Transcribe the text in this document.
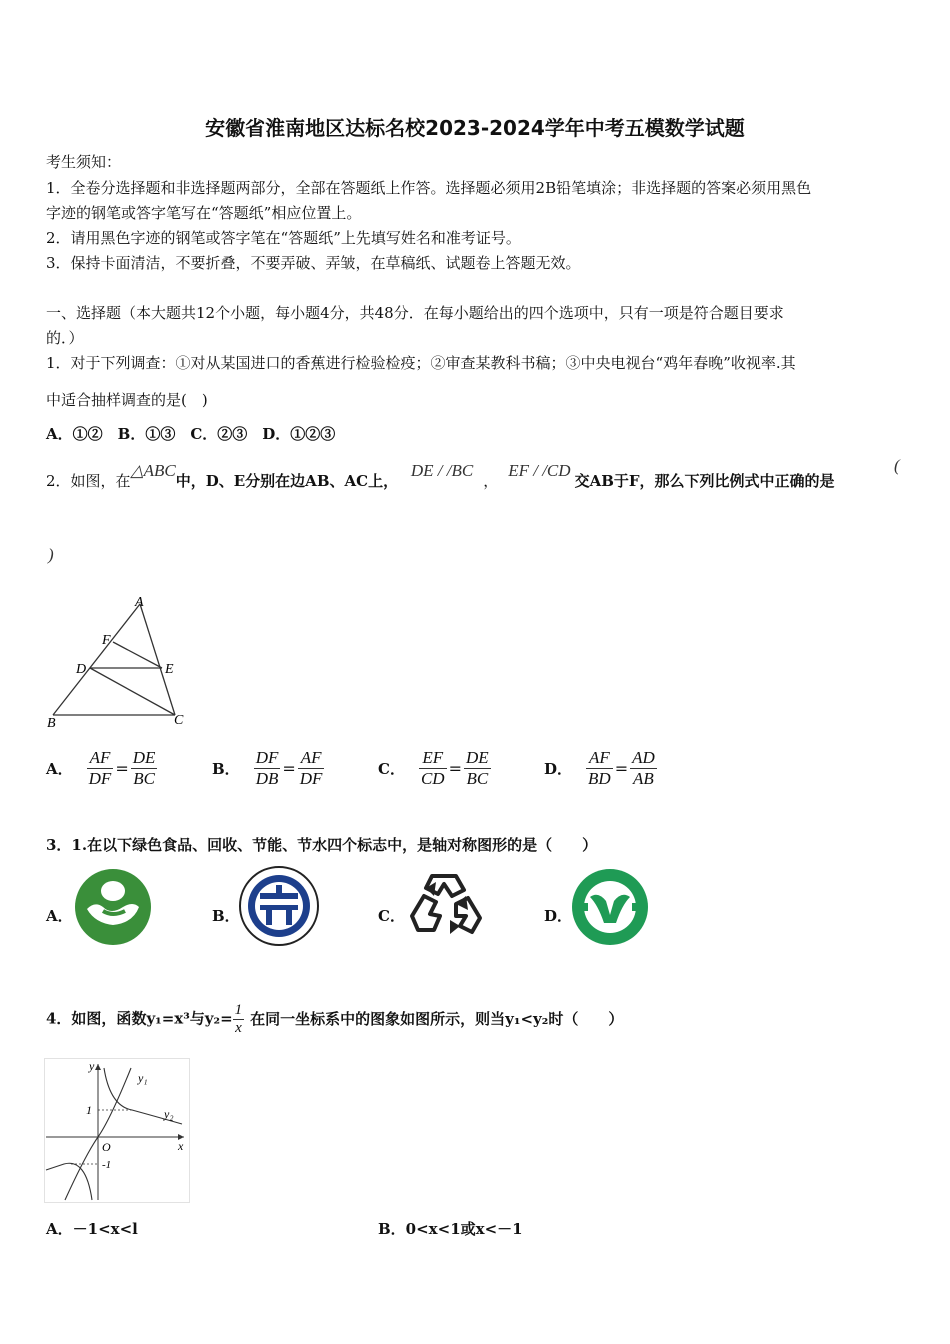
安徽省淮南地区达标名校2023-2024学年中考五模数学试题
考生须知：
1．全卷分选择题和非选择题两部分，全部在答题纸上作答。选择题必须用2B铅笔填涂；非选择题的答案必须用黑色
字迹的钢笔或答字笔写在“答题纸”相应位置上。
2．请用黑色字迹的钢笔或答字笔在“答题纸”上先填写姓名和准考证号。
3．保持卡面清洁，不要折叠，不要弄破、弄皱，在草稿纸、试题卷上答题无效。
一、选择题（本大题共12个小题，每小题4分，共48分．在每小题给出的四个选项中，只有一项是符合题目要求
的．）
1．对于下列调查：①对从某国进口的香蕉进行检验检疫；②审查某教科书稿；③中央电视台“鸡年春晚”收视率.其
中适合抽样调查的是(　)
A．①②　B．①③　C．②③　D．①②③
2．如图，在△ABC中，D、E分别在边AB、AC上， DE / /BC，EF / /CD交AB于F，那么下列比例式中正确的是
(
)
A
F
D	E
B	C
A． $\frac{AF}{DF} = \frac{DE}{BC}$	B． $\frac{DF}{DB} = \frac{AF}{DF}$	C． $\frac{EF}{CD} = \frac{DE}{BC}$	D． $\frac{AF}{BD} = \frac{AD}{AB}$
3．1.在以下绿色食品、回收、节能、节水四个标志中，是轴对称图形的是（　　）
A．	B．	C．	D．
4．如图，函数y₁=x³与$y_2= \frac{1}{x}$ 在同一坐标系中的图象如图所示，则当y₁<y₂时（　　）
y
x
O
1
-1
y₁
y₂
A．－1<x<l	B．0<x<1或x<－1
